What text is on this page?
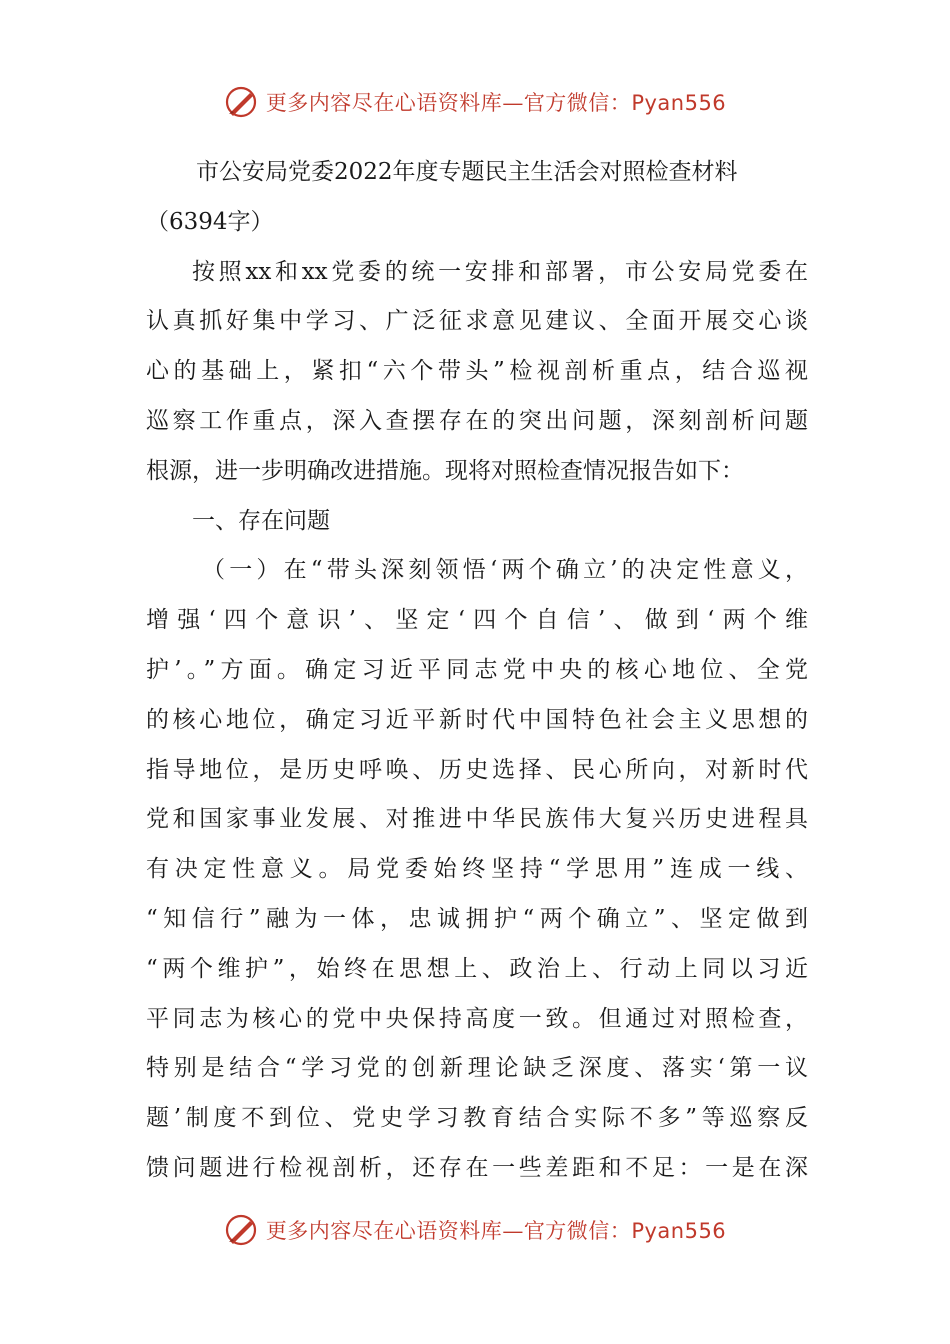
更多内容尽在心语资料库—官方微信：Pyan556
市公安局党委2022年度专题民主生活会对照检查材料
（6394字）
按照xx和xx党委的统一安排和部署，市公安局党委在
认真抓好集中学习、广泛征求意见建议、全面开展交心谈
心的基础上，紧扣“六个带头”检视剖析重点，结合巡视
巡察工作重点，深入查摆存在的突出问题，深刻剖析问题
根源，进一步明确改进措施。现将对照检查情况报告如下：
一、存在问题
（一）在“带头深刻领悟‘两个确立’的决定性意义，
增强‘四个意识’、坚定‘四个自信’、做到‘两个维
护’。”方面。确定习近平同志党中央的核心地位、全党
的核心地位，确定习近平新时代中国特色社会主义思想的
指导地位，是历史呼唤、历史选择、民心所向，对新时代
党和国家事业发展、对推进中华民族伟大复兴历史进程具
有决定性意义。局党委始终坚持“学思用”连成一线、
“知信行”融为一体，忠诚拥护“两个确立”、坚定做到
“两个维护”，始终在思想上、政治上、行动上同以习近
平同志为核心的党中央保持高度一致。但通过对照检查，
特别是结合“学习党的创新理论缺乏深度、落实‘第一议
题’制度不到位、党史学习教育结合实际不多”等巡察反
馈问题进行检视剖析，还存在一些差距和不足：一是在深
更多内容尽在心语资料库—官方微信：Pyan556
